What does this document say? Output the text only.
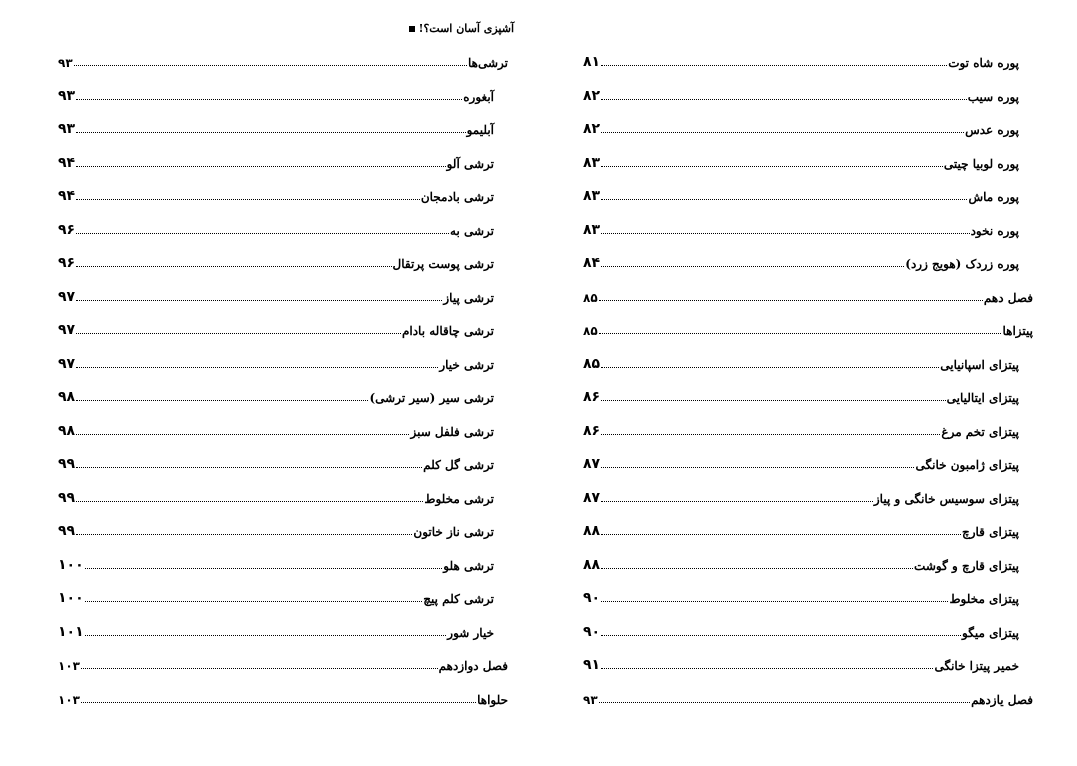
آشپزی آسان است؟!
ترشی‌ها
۹۳
آبغوره
۹۳
آبلیمو
۹۳
ترشی آلو
۹۴
ترشی بادمجان
۹۴
ترشی به
۹۶
ترشی پوست پرتقال
۹۶
ترشی پیاز
۹۷
ترشی چاقاله بادام
۹۷
ترشی خیار
۹۷
ترشی سیر (سیر ترشی)
۹۸
ترشی فلفل سبز
۹۸
ترشی گل کلم
۹۹
ترشی مخلوط
۹۹
ترشی ناز خاتون
۹۹
ترشی هلو
۱۰۰
ترشی کلم پیچ
۱۰۰
خیار شور
۱۰۱
فصل دوازدهم
۱۰۳
حلواها
۱۰۳
پوره شاه توت
۸۱
پوره سیب
۸۲
پوره عدس
۸۲
پوره لوبیا چیتی
۸۳
پوره ماش
۸۳
پوره نخود
۸۳
پوره زردک (هویج زرد)
۸۴
فصل دهم
۸۵
پیتزاها
۸۵
پیتزای اسپانیایی
۸۵
پیتزای ایتالیایی
۸۶
پیتزای تخم مرغ
۸۶
پیتزای ژامبون خانگی
۸۷
پیتزای سوسیس خانگی و پیاز
۸۷
پیتزای قارچ
۸۸
پیتزای قارچ و گوشت
۸۸
پیتزای مخلوط
۹۰
پیتزای میگو
۹۰
خمیر پیتزا خانگی
۹۱
فصل یازدهم
۹۳
